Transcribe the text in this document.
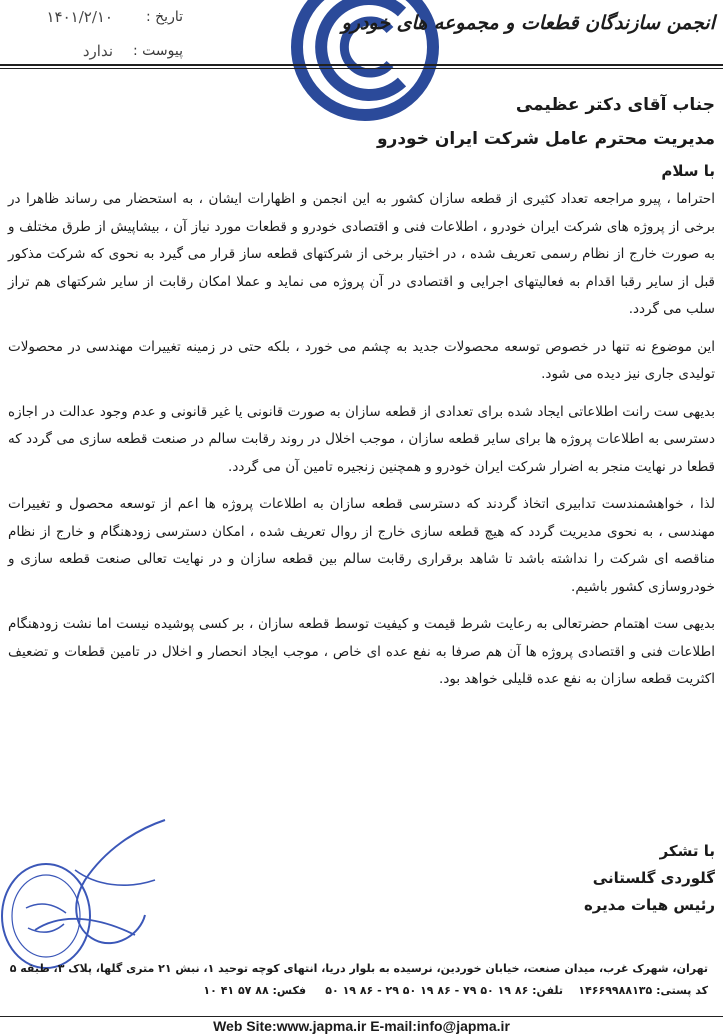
تاریخ :
۱۴۰۱/۲/۱۰
پیوست :
ندارد
انجمن سازندگان قطعات و مجموعه های خودرو

جناب آقای دکتر عظیمی

مدیریت محترم عامل شرکت ایران خودرو

با سلام

احتراما ، پیرو مراجعه تعداد کثیری از قطعه سازان کشور به این انجمن و اظهارات ایشان ، به استحضار می رساند ظاهرا در برخی از پروژه های شرکت ایران خودرو ، اطلاعات فنی و اقتصادی خودرو و قطعات مورد نیاز آن ، بیشاپیش از طرق مختلف و به صورت خارج از نظام رسمی تعریف شده ، در اختیار برخی از شرکتهای قطعه ساز قرار می گیرد به نحوی که شرکت مذکور قبل از سایر رقبا اقدام به فعالیتهای اجرایی و اقتصادی در آن پروژه می نماید و عملا امکان رقابت از سایر شرکتهای هم تراز سلب می گردد.

این موضوع نه تنها در خصوص توسعه محصولات جدید به چشم می خورد ، بلکه حتی در زمینه تغییرات مهندسی در محصولات تولیدی جاری نیز دیده می شود.

بدیهی ست رانت اطلاعاتی ایجاد شده برای تعدادی از قطعه سازان به صورت قانونی یا غیر قانونی و عدم وجود عدالت در اجازه دسترسی به اطلاعات پروژه ها برای سایر قطعه سازان ، موجب اخلال در روند رقابت سالم در صنعت قطعه سازی می گردد که قطعا در نهایت منجر به اضرار شرکت ایران خودرو و همچنین زنجیره تامین آن می گردد.

لذا ، خواهشمندست تدابیری اتخاذ گردند که دسترسی قطعه سازان به اطلاعات پروژه ها اعم از توسعه محصول و تغییرات مهندسی ، به نحوی مدیریت گردد که هیچ قطعه سازی خارج از روال تعریف شده ، امکان دسترسی زودهنگام و خارج از نظام مناقصه ای شرکت را نداشته باشد تا شاهد برقراری رقابت سالم بین قطعه سازان و در نهایت تعالی صنعت قطعه سازی و خودروسازی کشور باشیم.

بدیهی ست اهتمام حضرتعالی به رعایت شرط قیمت و کیفیت توسط قطعه سازان ، بر کسی پوشیده نیست اما نشت زودهنگام اطلاعات فنی و اقتصادی پروژه ها آن هم صرفا به نفع عده ای خاص ، موجب ایجاد انحصار و اخلال در تامین قطعات و تضعیف اکثریت قطعه سازان به نفع عده قلیلی خواهد بود.

با تشکر
گلوردی گلستانی
رئیس هیات مدیره
تهران، شهرک غرب، میدان صنعت، خیابان خوردین، نرسیده به بلوار دریا، انتهای کوچه توحید ۱، نبش ۲۱ متری گلها، پلاک ۳، طبقه ۵
کد پستی: ۱۴۶۶۹۹۸۸۱۳۵    تلفن: ۸۶ ۱۹ ۵۰ ۷۹ - ۸۶ ۱۹ ۵۰ ۲۹ - ۸۶ ۱۹ ۵۰     فکس: ۸۸ ۵۷ ۴۱ ۱۰
Web Site:www.japma.ir E-mail:info@japma.ir
